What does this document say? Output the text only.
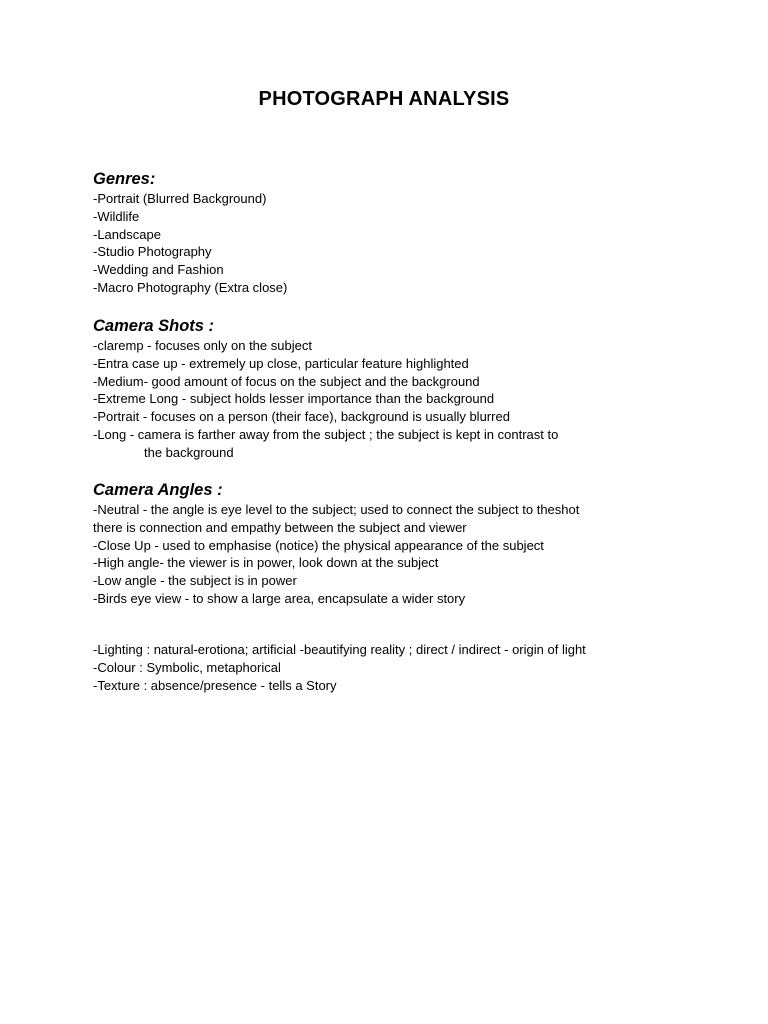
PHOTOGRAPH ANALYSIS
Genres:
-Portrait (Blurred Background)
-Wildlife
-Landscape
-Studio Photography
-Wedding and Fashion
-Macro Photography (Extra close)
Camera Shots :
-claremp - focuses only on the subject
-Entra case up - extremely up close, particular feature highlighted
-Medium- good amount of focus on the subject and the background
-Extreme Long - subject holds lesser importance than the background
-Portrait - focuses on a person (their face), background is usually blurred
-Long - camera is farther away from the subject ; the subject is kept in contrast to
the background
Camera Angles :
-Neutral - the angle is eye level to the subject; used to connect the subject to theshot
there is connection and empathy between the subject and viewer
-Close Up - used to emphasise (notice) the physical appearance of the subject
-High angle- the viewer is in power, look down at the subject
-Low angle - the subject is in power
-Birds eye view - to show a large area, encapsulate a wider story
-Lighting : natural-erotiona; artificial -beautifying reality ; direct / indirect - origin of light
-Colour : Symbolic, metaphorical
-Texture : absence/presence - tells a Story
